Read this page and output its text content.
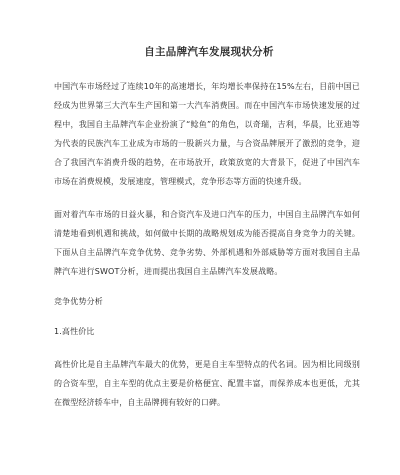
自主品牌汽车发展现状分析

中国汽车市场经过了连续10年的高速增长，年均增长率保持在15%左右，目前中国已经成为世界第三大汽车生产国和第一大汽车消费国。而在中国汽车市场快速发展的过程中，我国自主品牌汽车企业扮演了“鲶鱼”的角色，以奇瑞，吉利，华晨，比亚迪等为代表的民族汽车工业成为市场的一股新兴力量，与合资品牌展开了激烈的竞争，迎合了我国汽车消费升级的趋势，在市场放开，政策放宽的大背景下，促进了中国汽车市场在消费规模，发展速度，管理模式，竞争形态等方面的快速升级。

面对着汽车市场的日益火暴，和合资汽车及进口汽车的压力，中国自主品牌汽车如何清楚地看到机遇和挑战，如何做中长期的战略规划成为能否提高自身竞争力的关键。下面从自主品牌汽车竞争优势、竞争劣势、外部机遇和外部威胁等方面对我国自主品牌汽车进行SWOT分析，进而提出我国自主品牌汽车发展战略。

竞争优势分析
1.高性价比

高性价比是自主品牌汽车最大的优势，更是自主车型特点的代名词。因为相比同级别的合资车型，自主车型的优点主要是价格便宜、配置丰富，而保养成本也更低，尤其在微型经济轿车中，自主品牌拥有较好的口碑。
